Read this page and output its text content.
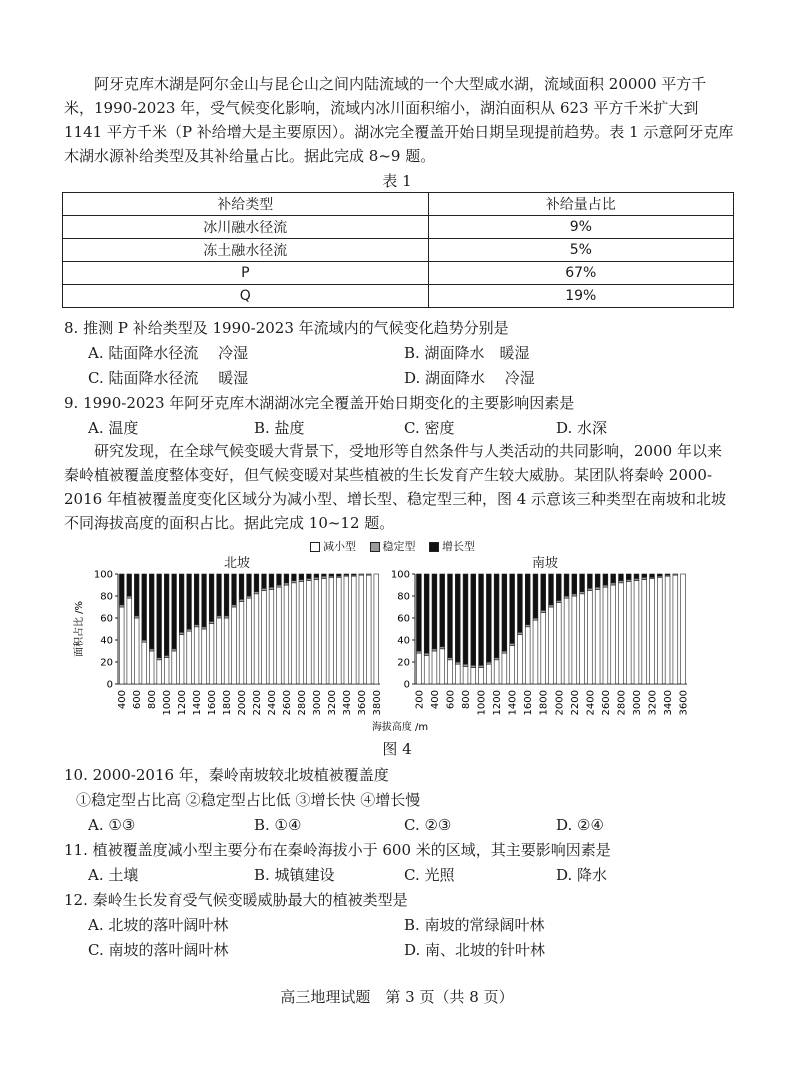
阿牙克库木湖是阿尔金山与昆仑山之间内陆流域的一个大型咸水湖，流域面积 20000 平方千米，1990-2023 年，受气候变化影响，流域内冰川面积缩小，湖泊面积从 623 平方千米扩大到 1141 平方千米（P 补给增大是主要原因）。湖冰完全覆盖开始日期呈现提前趋势。表 1 示意阿牙克库木湖水源补给类型及其补给量占比。据此完成 8~9 题。
表 1
补给类型	补给量占比
冰川融水径流	9%
冻土融水径流	5%
P	67%
Q	19%
8. 推测 P 补给类型及 1990-2023 年流域内的气候变化趋势分别是
A. 陆面降水径流　 冷湿	B. 湖面降水　暖湿
C. 陆面降水径流　 暖湿	D. 湖面降水　 冷湿
9. 1990-2023 年阿牙克库木湖湖冰完全覆盖开始日期变化的主要影响因素是
A. 温度	B. 盐度	C. 密度	D. 水深
研究发现，在全球气候变暖大背景下，受地形等自然条件与人类活动的共同影响，2000 年以来秦岭植被覆盖度整体变好，但气候变暖对某些植被的生长发育产生较大威胁。某团队将秦岭 2000-2016 年植被覆盖度变化区域分为减小型、增长型、稳定型三种，图 4 示意该三种类型在南坡和北坡不同海拔高度的面积占比。据此完成 10~12 题。
减小型 稳定型 增长型
北坡	南坡
0
20
40
60
80
100
400 600 800 1000 1200 1400 1600 1800 2000 2200 2400 2600 2800 3000 3200 3400 3600 3800
0
20
40
60
80
100
200 400 600 800 1000 1200 1400 1600 1800 2000 2200 2400 2600 2800 3000 3200 3400 3600
面积占比 /%
海拔高度 /m
图 4
10. 2000-2016 年，秦岭南坡较北坡植被覆盖度
①稳定型占比高 ②稳定型占比低 ③增长快 ④增长慢
A. ①③	B. ①④	C. ②③	D. ②④
11. 植被覆盖度减小型主要分布在秦岭海拔小于 600 米的区域，其主要影响因素是
A. 土壤	B. 城镇建设	C. 光照	D. 降水
12. 秦岭生长发育受气候变暖威胁最大的植被类型是
A. 北坡的落叶阔叶林	B. 南坡的常绿阔叶林
C. 南坡的落叶阔叶林	D. 南、北坡的针叶林
高三地理试题　第 3 页（共 8 页）
